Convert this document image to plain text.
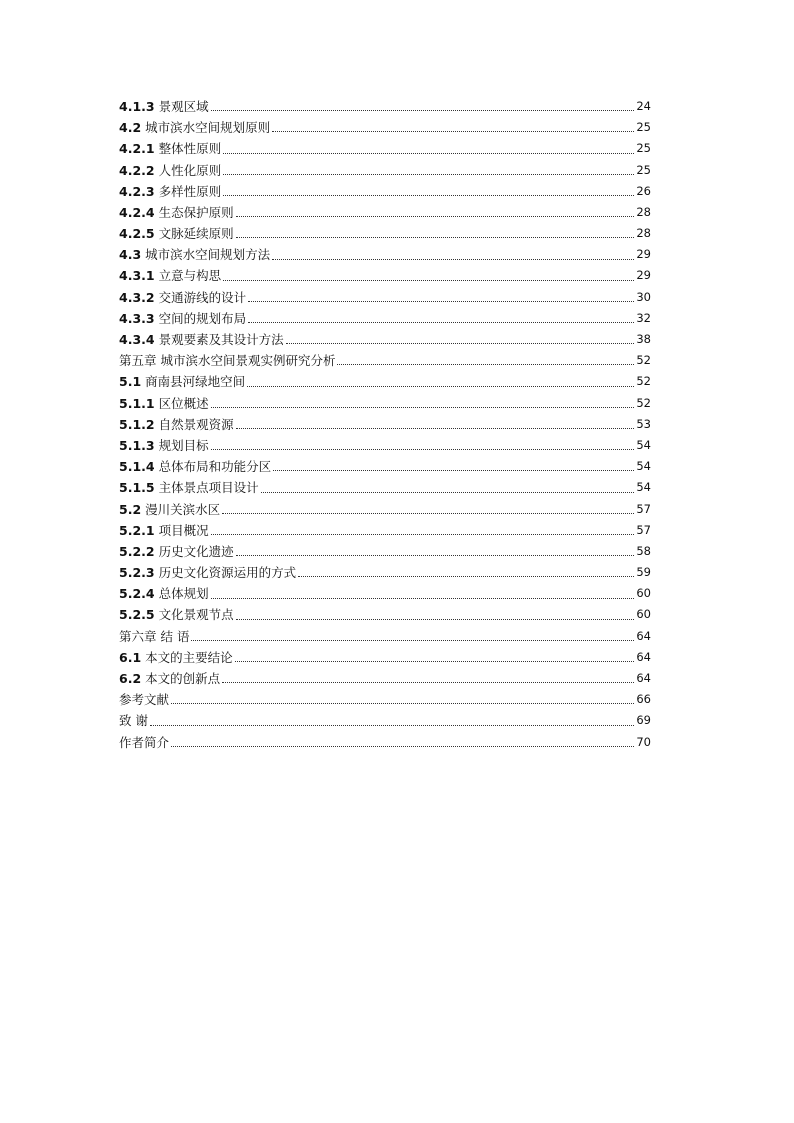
4.1.3 景观区域	24
4.2 城市滨水空间规划原则	25
4.2.1 整体性原则	25
4.2.2 人性化原则	25
4.2.3 多样性原则	26
4.2.4 生态保护原则	28
4.2.5 文脉延续原则	28
4.3 城市滨水空间规划方法	29
4.3.1 立意与构思	29
4.3.2 交通游线的设计	30
4.3.3 空间的规划布局	32
4.3.4 景观要素及其设计方法	38
第五章 城市滨水空间景观实例研究分析	52
5.1 商南县河绿地空间	52
5.1.1 区位概述	52
5.1.2 自然景观资源	53
5.1.3 规划目标	54
5.1.4 总体布局和功能分区	54
5.1.5 主体景点项目设计	54
5.2 漫川关滨水区	57
5.2.1 项目概况	57
5.2.2 历史文化遗迹	58
5.2.3 历史文化资源运用的方式	59
5.2.4 总体规划	60
5.2.5 文化景观节点	60
第六章 结 语	64
6.1 本文的主要结论	64
6.2 本文的创新点	64
参考文献	66
致 谢	69
作者简介	70
